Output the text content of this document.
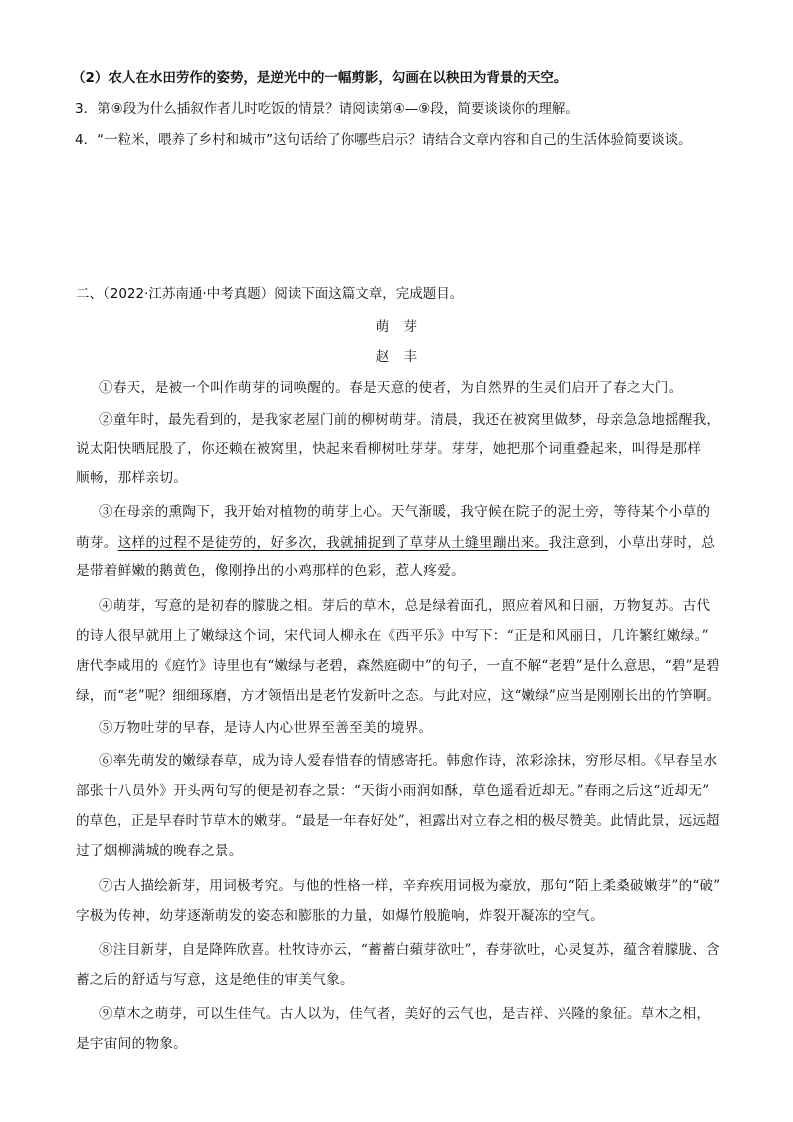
（2）农人在水田劳作的姿势，是逆光中的一幅剪影，勾画在以秧田为背景的天空。
3．第⑨段为什么插叙作者儿时吃饭的情景？请阅读第④—⑨段，简要谈谈你的理解。
4．“一粒米，喂养了乡村和城市”这句话给了你哪些启示？请结合文章内容和自己的生活体验简要谈谈。
二、（2022·江苏南通·中考真题）阅读下面这篇文章，完成题目。
萌　芽
赵　丰
①春天，是被一个叫作萌芽的词唤醒的。春是天意的使者，为自然界的生灵们启开了春之大门。
②童年时，最先看到的，是我家老屋门前的柳树萌芽。清晨，我还在被窝里做梦，母亲急急地摇醒我，
说太阳快晒屁股了，你还赖在被窝里，快起来看柳树吐芽芽。芽芽，她把那个词重叠起来，叫得是那样
顺畅，那样亲切。
③在母亲的熏陶下，我开始对植物的萌芽上心。天气渐暖，我守候在院子的泥土旁，等待某个小草的
萌芽。这样的过程不是徒劳的，好多次，我就捕捉到了草芽从土缝里蹦出来。我注意到，小草出芽时，总
是带着鲜嫩的鹅黄色，像刚挣出的小鸡那样的色彩，惹人疼爱。
④萌芽，写意的是初春的朦胧之相。芽后的草木，总是绿着面孔，照应着风和日丽，万物复苏。古代
的诗人很早就用上了嫩绿这个词，宋代词人柳永在《西平乐》中写下：“正是和风丽日，几许繁红嫩绿。”
唐代李咸用的《庭竹》诗里也有“嫩绿与老碧，森然庭砌中”的句子，一直不解“老碧”是什么意思，“碧”是碧
绿，而“老”呢？细细琢磨，方才领悟出是老竹发新叶之态。与此对应，这“嫩绿”应当是刚刚长出的竹笋啊。
⑤万物吐芽的早春，是诗人内心世界至善至美的境界。
⑥率先萌发的嫩绿春草，成为诗人爱春惜春的情感寄托。韩愈作诗，浓彩涂抹，穷形尽相。《早春呈水
部张十八员外》开头两句写的便是初春之景：“天街小雨润如酥，草色遥看近却无。”春雨之后这“近却无”
的草色，正是早春时节草木的嫩芽。“最是一年春好处”，袒露出对立春之相的极尽赞美。此情此景，远远超
过了烟柳满城的晚春之景。
⑦古人描绘新芽，用词极考究。与他的性格一样，辛弃疾用词极为豪放，那句“陌上柔桑破嫩芽”的“破”
字极为传神，幼芽逐渐萌发的姿态和膨胀的力量，如爆竹般脆响，炸裂开凝冻的空气。
⑧注目新芽，自是降阵欣喜。杜牧诗亦云，“蓄蓄白蘋芽欲吐”，春芽欲吐，心灵复苏，蕴含着朦胧、含
蓄之后的舒适与写意，这是绝佳的审美气象。
⑨草木之萌芽，可以生佳气。古人以为，佳气者，美好的云气也，是吉祥、兴隆的象征。草木之相，
是宇宙间的物象。
